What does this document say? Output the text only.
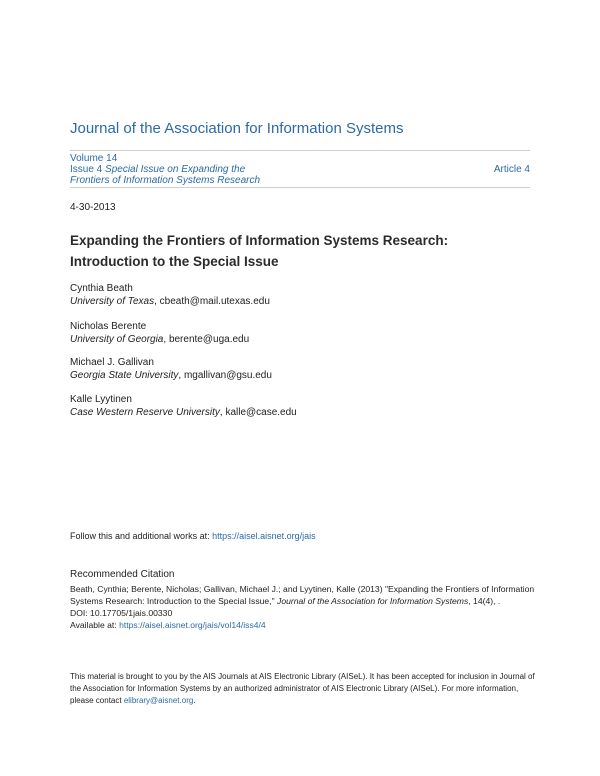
Journal of the Association for Information Systems
Volume 14
Issue 4 Special Issue on Expanding the
Frontiers of Information Systems Research
Article 4
4-30-2013
Expanding the Frontiers of Information Systems Research:
Introduction to the Special Issue
Cynthia Beath
University of Texas, cbeath@mail.utexas.edu
Nicholas Berente
University of Georgia, berente@uga.edu
Michael J. Gallivan
Georgia State University, mgallivan@gsu.edu
Kalle Lyytinen
Case Western Reserve University, kalle@case.edu
Follow this and additional works at: https://aisel.aisnet.org/jais
Recommended Citation
Beath, Cynthia; Berente, Nicholas; Gallivan, Michael J.; and Lyytinen, Kalle (2013) "Expanding the Frontiers of Information Systems Research: Introduction to the Special Issue," Journal of the Association for Information Systems, 14(4), .
DOI: 10.17705/1jais.00330
Available at: https://aisel.aisnet.org/jais/vol14/iss4/4
This material is brought to you by the AIS Journals at AIS Electronic Library (AISeL). It has been accepted for inclusion in Journal of the Association for Information Systems by an authorized administrator of AIS Electronic Library (AISeL). For more information, please contact elibrary@aisnet.org.
